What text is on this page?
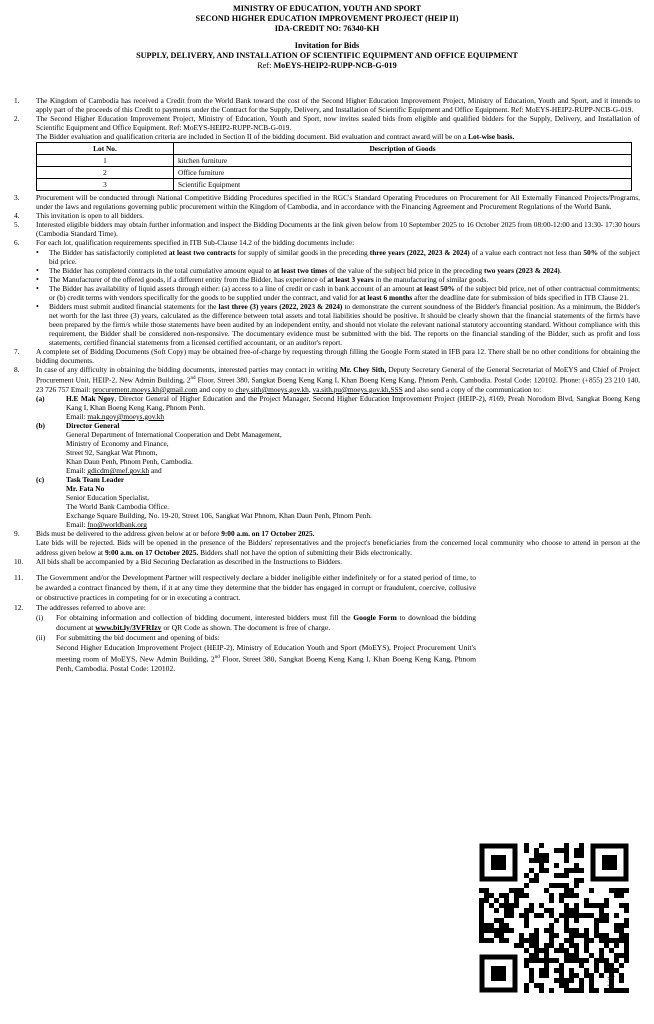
MINISTRY OF EDUCATION, YOUTH AND SPORT
SECOND HIGHER EDUCATION IMPROVEMENT PROJECT (HEIP II)
IDA-CREDIT NO: 76340-KH
Invitation for Bids
SUPPLY, DELIVERY, AND INSTALLATION OF SCIENTIFIC EQUIPMENT AND OFFICE EQUIPMENT
Ref: MoEYS-HEIP2-RUPP-NCB-G-019
1.	The Kingdom of Cambodia has received a Credit from the World Bank toward the cost of the Second Higher Education Improvement Project, Ministry of Education, Youth and Sport, and it intends to apply part of the proceeds of this Credit to payments under the Contract for the Supply, Delivery, and Installation of Scientific Equipment and Office Equipment. Ref: MoEYS-HEIP2-RUPP-NCB-G-019.
2.	The Second Higher Education Improvement Project, Ministry of Education, Youth and Sport, now invites sealed bids from eligible and qualified bidders for the Supply, Delivery, and Installation of Scientific Equipment and Office Equipment. Ref: MoEYS-HEIP2-RUPP-NCB-G-019.
The Bidder evaluation and qualification criteria are included in Section II of the bidding document. Bid evaluation and contract award will be on a Lot-wise basis.
Lot No.	Description of Goods
1	kitchen furniture
2	Office furniture
3	Scientific Equipment
3.	Procurement will be conducted through National Competitive Bidding Procedures specified in the RGC's Standard Operating Procedures on Procurement for All Externally Financed Projects/Programs, under the laws and regulations governing public procurement within the Kingdom of Cambodia, and in accordance with the Financing Agreement and Procurement Regulations of the World Bank.
4.	This invitation is open to all bidders.
5.	Interested eligible bidders may obtain further information and inspect the Bidding Documents at the link given below from 10 September 2025 to 16 October 2025 from 08:00-12:00 and 13:30- 17:30 hours (Cambodia Standard Time).
6.	For each lot, qualification requirements specified in ITB Sub-Clause 14.2 of the bidding documents include:
•
The Bidder has satisfactorily completed at least two contracts for supply of similar goods in the preceding three years (2022, 2023 & 2024) of a value each contract not less than 50% of the subject bid price.
•
The Bidder has completed contracts in the total cumulative amount equal to at least two times of the value of the subject bid price in the preceding two years (2023 & 2024).
•
The Manufacturer of the offered goods, if a different entity from the Bidder, has experience of at least 3 years in the manufacturing of similar goods.
•
The Bidder has availability of liquid assets through either: (a) access to a line of credit or cash in bank account of an amount at least 50% of the subject bid price, net of other contractual commitments; or (b) credit terms with vendors specifically for the goods to be supplied under the contract, and valid for at least 6 months after the deadline date for submission of bids specified in ITB Clause 21.
•
Bidders must submit audited financial statements for the last three (3) years (2022, 2023 & 2024) to demonstrate the current soundness of the Bidder's financial position. As a minimum, the Bidder's net worth for the last three (3) years, calculated as the difference between total assets and total liabilities should be positive. It should be clearly shown that the financial statements of the firm/s have been prepared by the firm/s while those statements have been audited by an independent entity, and should not violate the relevant national statutory accounting standard. Without compliance with this requirement, the Bidder shall be considered non-responsive. The documentary evidence must be submitted with the bid. The reports on the financial standing of the Bidder, such as profit and loss statements, certified financial statements from a licensed certified accountant, or an auditor's report.
7.	A complete set of Bidding Documents (Soft Copy) may be obtained free-of-charge by requesting through filling the Google Form stated in IFB para 12. There shall be no other conditions for obtaining the bidding documents.
8.	In case of any difficulty in obtaining the bidding documents, interested parties may contact in writing Mr. Chey Sith, Deputy Secretary General of the General Secretariat of MoEYS and Chief of Project Procurement Unit, HEIP-2, New Admin Building, 2nd Floor, Street 380, Sangkat Boeng Keng Kang I, Khan Boeng Keng Kang, Phnom Penh, Cambodia. Postal Code: 120102. Phone: (+855) 23 210 140, 23 726 757 Email: procurement.moeys.kh@gmail.com and copy to chey.sith@moeys.gov.kh, va.sith.pu@moeys.gov.kh,SSS and also send a copy of the communication to:
(a)	H.E Mak Ngoy, Director General of Higher Education and the Project Manager, Second Higher Education Improvement Project (HEIP-2), #169, Preah Norodom Blvd, Sangkat Boeng Keng Kang I, Khan Boeng Keng Kang, Phnom Penh.
Email: mak.ngoy@moeys.gov.kh
(b)	Director General
General Department of International Cooperation and Debt Management,
Ministry of Economy and Finance,
Street 92, Sangkat Wat Phnom,
Khan Daun Penh, Phnom Penh, Cambodia.
Email: gdicdm@mef.gov.kh and
(c)	Task Team Leader
Mr. Fata No
Senior Education Specialist,
The World Bank Cambodia Office.
Exchange Square Building, No. 19-20, Street 106, Sangkat Wat Phnom, Khan Daun Penh, Phnom Penh.
Email: fno@worldbank.org
9.	Bids must be delivered to the address given below at or before 9:00 a.m. on 17 October 2025.
Late bids will be rejected. Bids will be opened in the presence of the Bidders' representatives and the project's beneficiaries from the concerned local community who choose to attend in person at the address given below at 9:00 a.m. on 17 October 2025. Bidders shall not have the option of submitting their Bids electronically.
10.	All bids shall be accompanied by a Bid Securing Declaration as described in the Instructions to Bidders.
11.	The Government and/or the Development Partner will respectively declare a bidder ineligible either indefinitely or for a stated period of time, to be awarded a contract financed by them, if it at any time they determine that the bidder has engaged in corrupt or fraudulent, coercive, collusive or obstructive practices in competing for or in executing a contract.
12.	The addresses referred to above are:
(i)	For obtaining information and collection of bidding document, interested bidders must fill the Google Form to download the bidding document at www.bit.ly/3VFRIzv or QR Code as shown. The document is free of charge.
(ii)	For submitting the bid document and opening of bids:
Second Higher Education Improvement Project (HEIP-2), Ministry of Education Youth and Sport (MoEYS), Project Procurement Unit's meeting room of MoEYS, New Admin Building, 2nd Floor, Street 380, Sangkat Boeng Keng Kang I, Khan Boeng Keng Kang, Phnom Penh, Cambodia. Postal Code: 120102.
bitly
